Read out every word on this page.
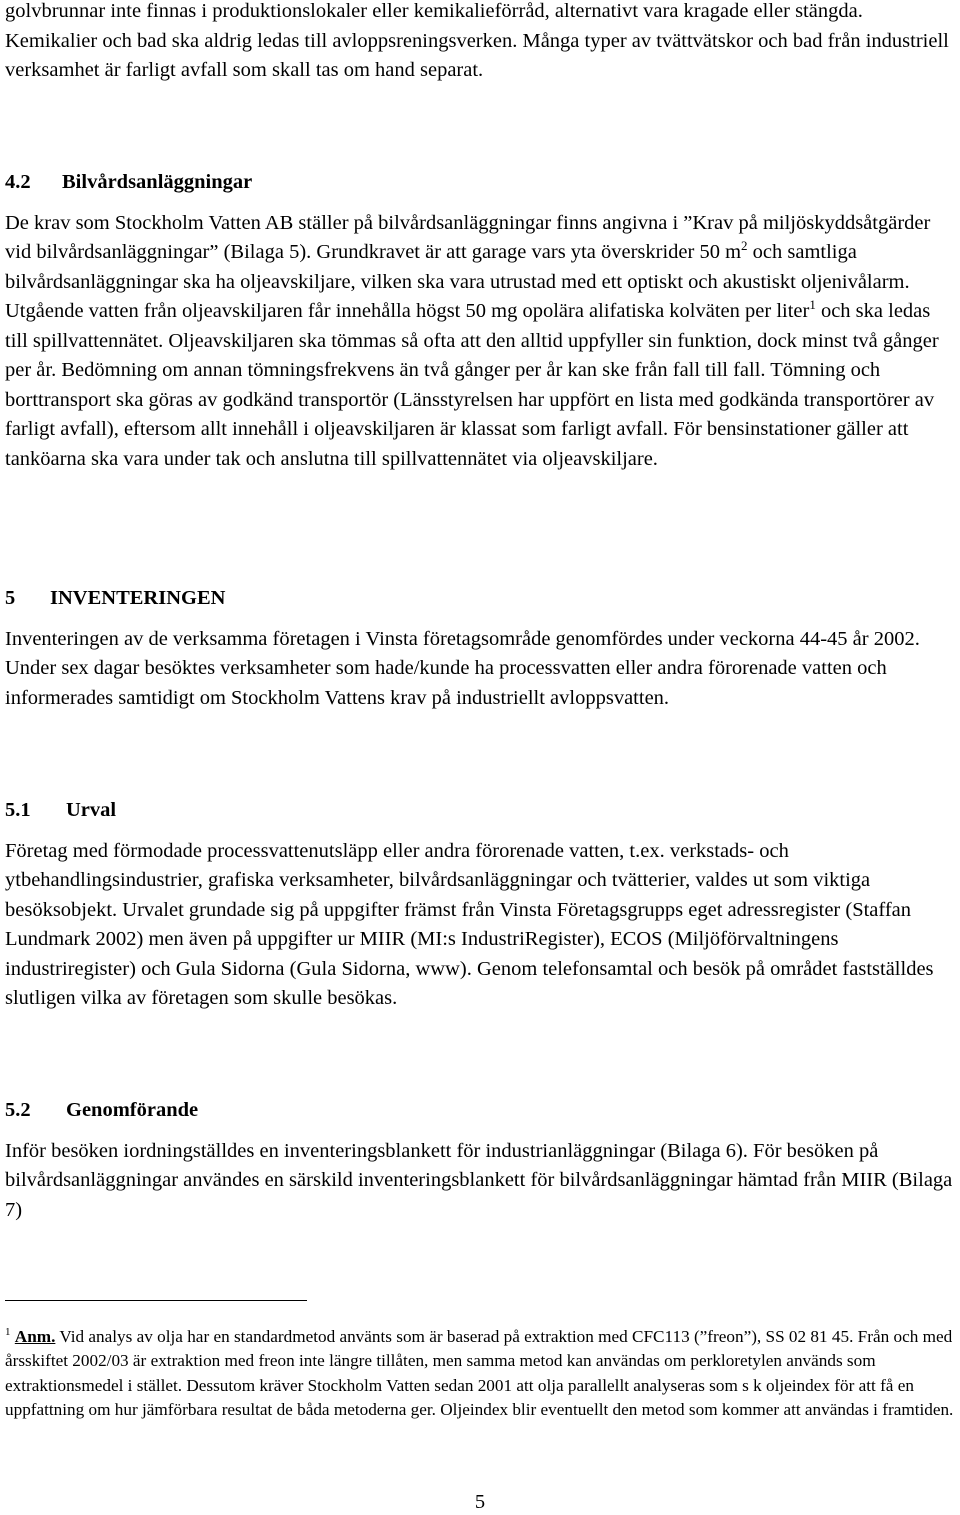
golvbrunnar inte finnas i produktionslokaler eller kemikalieförråd, alternativt vara kragade eller stängda. Kemikalier och bad ska aldrig ledas till avloppsreningsverken. Många typer av tvättvätskor och bad från industriell verksamhet är farligt avfall som skall tas om hand separat.

4.2 Bilvårdsanläggningar

De krav som Stockholm Vatten AB ställer på bilvårdsanläggningar finns angivna i ”Krav på miljöskyddsåtgärder vid bilvårdsanläggningar” (Bilaga 5). Grundkravet är att garage vars yta överskrider 50 $m^2$ och samtliga bilvårdsanläggningar ska ha oljeavskiljare, vilken ska vara utrustad med ett optiskt och akustiskt oljenivålarm. Utgående vatten från oljeavskiljaren får innehålla högst 50 mg opolära alifatiska kolväten per liter$^1$ och ska ledas till spillvattennätet. Oljeavskiljaren ska tömmas så ofta att den alltid uppfyller sin funktion, dock minst två gånger per år. Bedömning om annan tömningsfrekvens än två gånger per år kan ske från fall till fall. Tömning och borttransport ska göras av godkänd transportör (Länsstyrelsen har uppfört en lista med godkända transportörer av farligt avfall), eftersom allt innehåll i oljeavskiljaren är klassat som farligt avfall. För bensinstationer gäller att tanköarna ska vara under tak och anslutna till spillvattennätet via oljeavskiljare.

5 INVENTERINGEN

Inventeringen av de verksamma företagen i Vinsta företagsområde genomfördes under veckorna 44-45 år 2002. Under sex dagar besöktes verksamheter som hade/kunde ha processvatten eller andra förorenade vatten och informerades samtidigt om Stockholm Vattens krav på industriellt avloppsvatten.

5.1 Urval

Företag med förmodade processvattenutsläpp eller andra förorenade vatten, t.ex. verkstads- och ytbehandlingsindustrier, grafiska verksamheter, bilvårdsanläggningar och tvätterier, valdes ut som viktiga besöksobjekt. Urvalet grundade sig på uppgifter främst från Vinsta Företagsgrupps eget adressregister (Staffan Lundmark 2002) men även på uppgifter ur MIIR (MI:s IndustriRegister), ECOS (Miljöförvaltningens industriregister) och Gula Sidorna (Gula Sidorna, www). Genom telefonsamtal och besök på området fastställdes slutligen vilka av företagen som skulle besökas.

5.2 Genomförande

Inför besöken iordningställdes en inventeringsblankett för industrianläggningar (Bilaga 6). För besöken på bilvårdsanläggningar användes en särskild inventeringsblankett för bilvårdsanläggningar hämtad från MIIR (Bilaga 7)

$^1$ Anm. Vid analys av olja har en standardmetod använts som är baserad på extraktion med CFC113 (”freon”), SS 02 81 45. Från och med årsskiftet 2002/03 är extraktion med freon inte längre tillåten, men samma metod kan användas om perkloretylen används som extraktionsmedel i stället. Dessutom kräver Stockholm Vatten sedan 2001 att olja parallellt analyseras som s k oljeindex för att få en uppfattning om hur jämförbara resultat de båda metoderna ger. Oljeindex blir eventuellt den metod som kommer att användas i framtiden.

5
